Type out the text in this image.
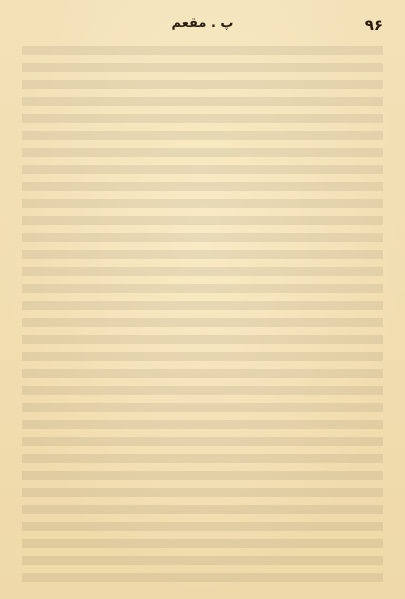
۹۶
پ . مقعم
